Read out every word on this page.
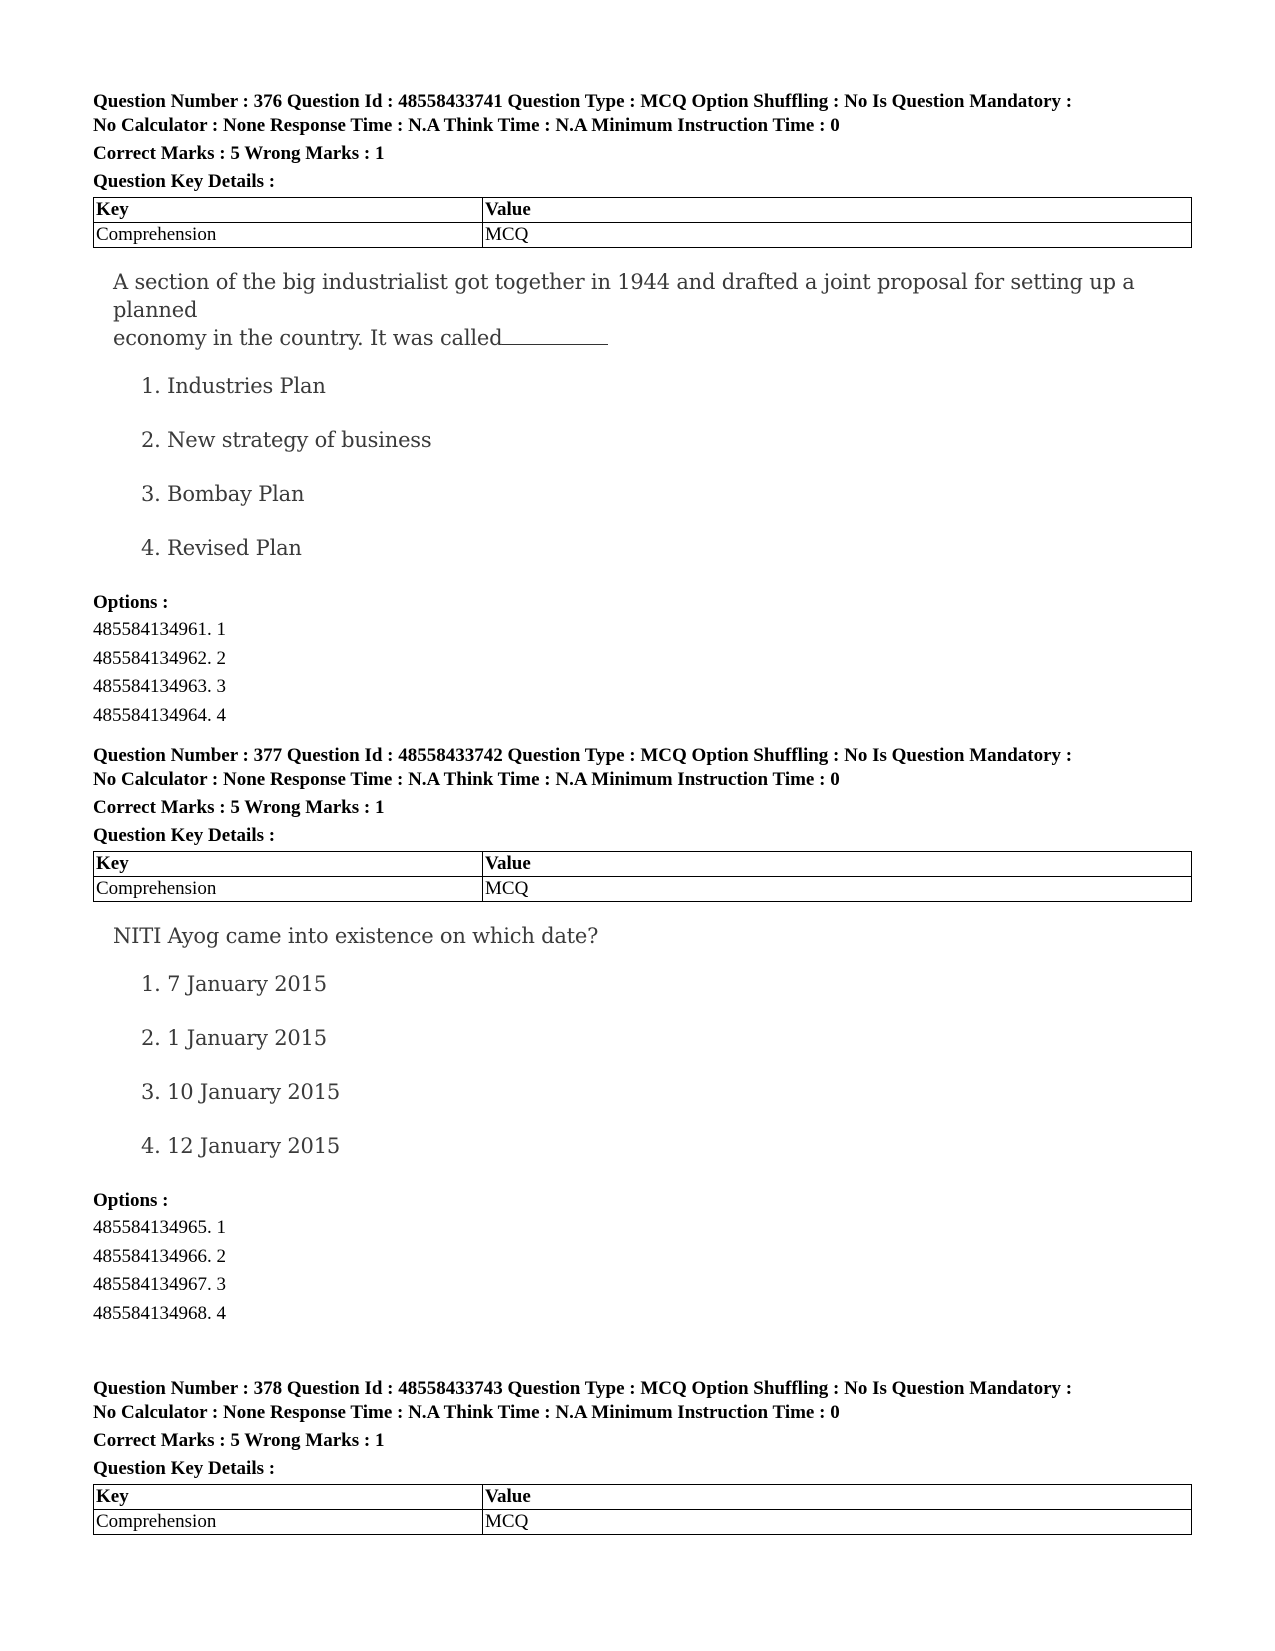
Question Number : 376 Question Id : 48558433741 Question Type : MCQ Option Shuffling : No Is Question Mandatory :
No Calculator : None Response Time : N.A Think Time : N.A Minimum Instruction Time : 0
Correct Marks : 5 Wrong Marks : 1
Question Key Details :
Key	Value
Comprehension	MCQ
A section of the big industrialist got together in 1944 and drafted a joint proposal for setting up a planned
economy in the country. It was called
1. Industries Plan
2. New strategy of business
3. Bombay Plan
4. Revised Plan
Options :
485584134961. 1
485584134962. 2
485584134963. 3
485584134964. 4
Question Number : 377 Question Id : 48558433742 Question Type : MCQ Option Shuffling : No Is Question Mandatory :
No Calculator : None Response Time : N.A Think Time : N.A Minimum Instruction Time : 0
Correct Marks : 5 Wrong Marks : 1
Question Key Details :
Key	Value
Comprehension	MCQ
NITI Ayog came into existence on which date?
1. 7 January 2015
2. 1 January 2015
3. 10 January 2015
4. 12 January 2015
Options :
485584134965. 1
485584134966. 2
485584134967. 3
485584134968. 4
Question Number : 378 Question Id : 48558433743 Question Type : MCQ Option Shuffling : No Is Question Mandatory :
No Calculator : None Response Time : N.A Think Time : N.A Minimum Instruction Time : 0
Correct Marks : 5 Wrong Marks : 1
Question Key Details :
Key	Value
Comprehension	MCQ
